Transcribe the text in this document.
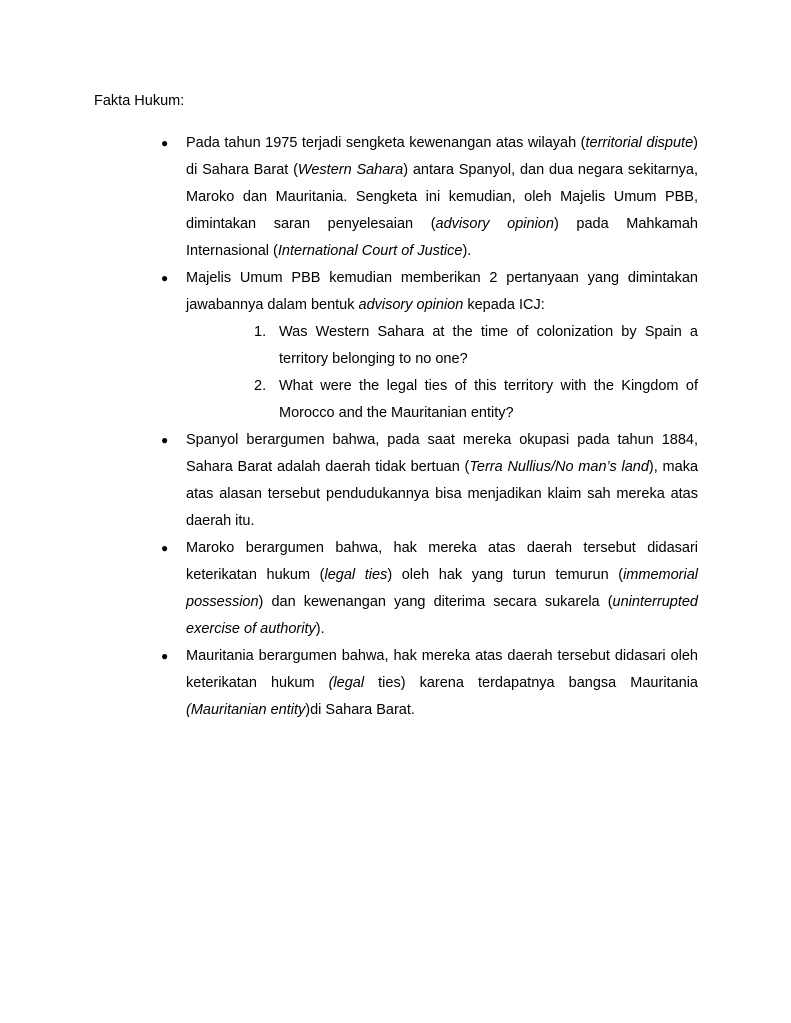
Fakta Hukum:
● Pada tahun 1975 terjadi sengketa kewenangan atas wilayah (territorial dispute) di Sahara Barat (Western Sahara) antara Spanyol, dan dua negara sekitarnya, Maroko dan Mauritania. Sengketa ini kemudian, oleh Majelis Umum PBB, dimintakan saran penyelesaian (advisory opinion) pada Mahkamah Internasional (International Court of Justice).
● Majelis Umum PBB kemudian memberikan 2 pertanyaan yang dimintakan jawabannya dalam bentuk advisory opinion kepada ICJ:
1. Was Western Sahara at the time of colonization by Spain a territory belonging to no one?
2. What were the legal ties of this territory with the Kingdom of Morocco and the Mauritanian entity?
● Spanyol berargumen bahwa, pada saat mereka okupasi pada tahun 1884, Sahara Barat adalah daerah tidak bertuan (Terra Nullius/No man’s land), maka atas alasan tersebut pendudukannya bisa menjadikan klaim sah mereka atas daerah itu.
● Maroko berargumen bahwa, hak mereka atas daerah tersebut didasari keterikatan hukum (legal ties) oleh hak yang turun temurun (immemorial possession) dan kewenangan yang diterima secara sukarela (uninterrupted exercise of authority).
● Mauritania berargumen bahwa, hak mereka atas daerah tersebut didasari oleh keterikatan hukum (legal ties) karena terdapatnya bangsa Mauritania (Mauritanian entity)di Sahara Barat.
